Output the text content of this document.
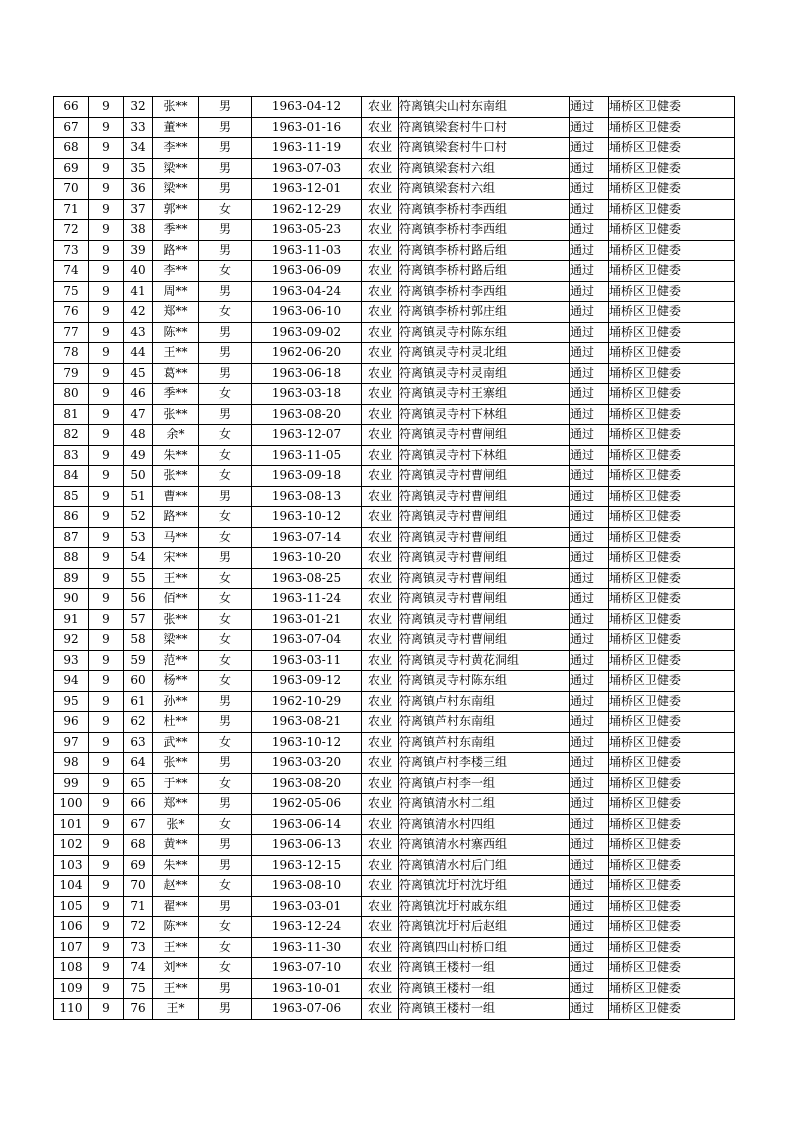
66	9	32	张**	男	1963-04-12	农业	符离镇尖山村东南组	通过	埇桥区卫健委
67	9	33	董**	男	1963-01-16	农业	符离镇梁套村牛口村	通过	埇桥区卫健委
68	9	34	李**	男	1963-11-19	农业	符离镇梁套村牛口村	通过	埇桥区卫健委
69	9	35	梁**	男	1963-07-03	农业	符离镇梁套村六组	通过	埇桥区卫健委
70	9	36	梁**	男	1963-12-01	农业	符离镇梁套村六组	通过	埇桥区卫健委
71	9	37	郭**	女	1962-12-29	农业	符离镇李桥村李西组	通过	埇桥区卫健委
72	9	38	季**	男	1963-05-23	农业	符离镇李桥村李西组	通过	埇桥区卫健委
73	9	39	路**	男	1963-11-03	农业	符离镇李桥村路后组	通过	埇桥区卫健委
74	9	40	李**	女	1963-06-09	农业	符离镇李桥村路后组	通过	埇桥区卫健委
75	9	41	周**	男	1963-04-24	农业	符离镇李桥村李西组	通过	埇桥区卫健委
76	9	42	郑**	女	1963-06-10	农业	符离镇李桥村郭庄组	通过	埇桥区卫健委
77	9	43	陈**	男	1963-09-02	农业	符离镇灵寺村陈东组	通过	埇桥区卫健委
78	9	44	王**	男	1962-06-20	农业	符离镇灵寺村灵北组	通过	埇桥区卫健委
79	9	45	葛**	男	1963-06-18	农业	符离镇灵寺村灵南组	通过	埇桥区卫健委
80	9	46	季**	女	1963-03-18	农业	符离镇灵寺村王寨组	通过	埇桥区卫健委
81	9	47	张**	男	1963-08-20	农业	符离镇灵寺村下林组	通过	埇桥区卫健委
82	9	48	余*	女	1963-12-07	农业	符离镇灵寺村曹闸组	通过	埇桥区卫健委
83	9	49	朱**	女	1963-11-05	农业	符离镇灵寺村下林组	通过	埇桥区卫健委
84	9	50	张**	女	1963-09-18	农业	符离镇灵寺村曹闸组	通过	埇桥区卫健委
85	9	51	曹**	男	1963-08-13	农业	符离镇灵寺村曹闸组	通过	埇桥区卫健委
86	9	52	路**	女	1963-10-12	农业	符离镇灵寺村曹闸组	通过	埇桥区卫健委
87	9	53	马**	女	1963-07-14	农业	符离镇灵寺村曹闸组	通过	埇桥区卫健委
88	9	54	宋**	男	1963-10-20	农业	符离镇灵寺村曹闸组	通过	埇桥区卫健委
89	9	55	王**	女	1963-08-25	农业	符离镇灵寺村曹闸组	通过	埇桥区卫健委
90	9	56	佰**	女	1963-11-24	农业	符离镇灵寺村曹闸组	通过	埇桥区卫健委
91	9	57	张**	女	1963-01-21	农业	符离镇灵寺村曹闸组	通过	埇桥区卫健委
92	9	58	梁**	女	1963-07-04	农业	符离镇灵寺村曹闸组	通过	埇桥区卫健委
93	9	59	范**	女	1963-03-11	农业	符离镇灵寺村黄花洞组	通过	埇桥区卫健委
94	9	60	杨**	女	1963-09-12	农业	符离镇灵寺村陈东组	通过	埇桥区卫健委
95	9	61	孙**	男	1962-10-29	农业	符离镇卢村东南组	通过	埇桥区卫健委
96	9	62	杜**	男	1963-08-21	农业	符离镇芦村东南组	通过	埇桥区卫健委
97	9	63	武**	女	1963-10-12	农业	符离镇芦村东南组	通过	埇桥区卫健委
98	9	64	张**	男	1963-03-20	农业	符离镇卢村李楼三组	通过	埇桥区卫健委
99	9	65	于**	女	1963-08-20	农业	符离镇卢村李一组	通过	埇桥区卫健委
100	9	66	郑**	男	1962-05-06	农业	符离镇清水村二组	通过	埇桥区卫健委
101	9	67	张*	女	1963-06-14	农业	符离镇清水村四组	通过	埇桥区卫健委
102	9	68	黄**	男	1963-06-13	农业	符离镇清水村寨西组	通过	埇桥区卫健委
103	9	69	朱**	男	1963-12-15	农业	符离镇清水村后门组	通过	埇桥区卫健委
104	9	70	赵**	女	1963-08-10	农业	符离镇沈圩村沈圩组	通过	埇桥区卫健委
105	9	71	翟**	男	1963-03-01	农业	符离镇沈圩村戚东组	通过	埇桥区卫健委
106	9	72	陈**	女	1963-12-24	农业	符离镇沈圩村后赵组	通过	埇桥区卫健委
107	9	73	王**	女	1963-11-30	农业	符离镇四山村桥口组	通过	埇桥区卫健委
108	9	74	刘**	女	1963-07-10	农业	符离镇王楼村一组	通过	埇桥区卫健委
109	9	75	王**	男	1963-10-01	农业	符离镇王楼村一组	通过	埇桥区卫健委
110	9	76	王*	男	1963-07-06	农业	符离镇王楼村一组	通过	埇桥区卫健委
